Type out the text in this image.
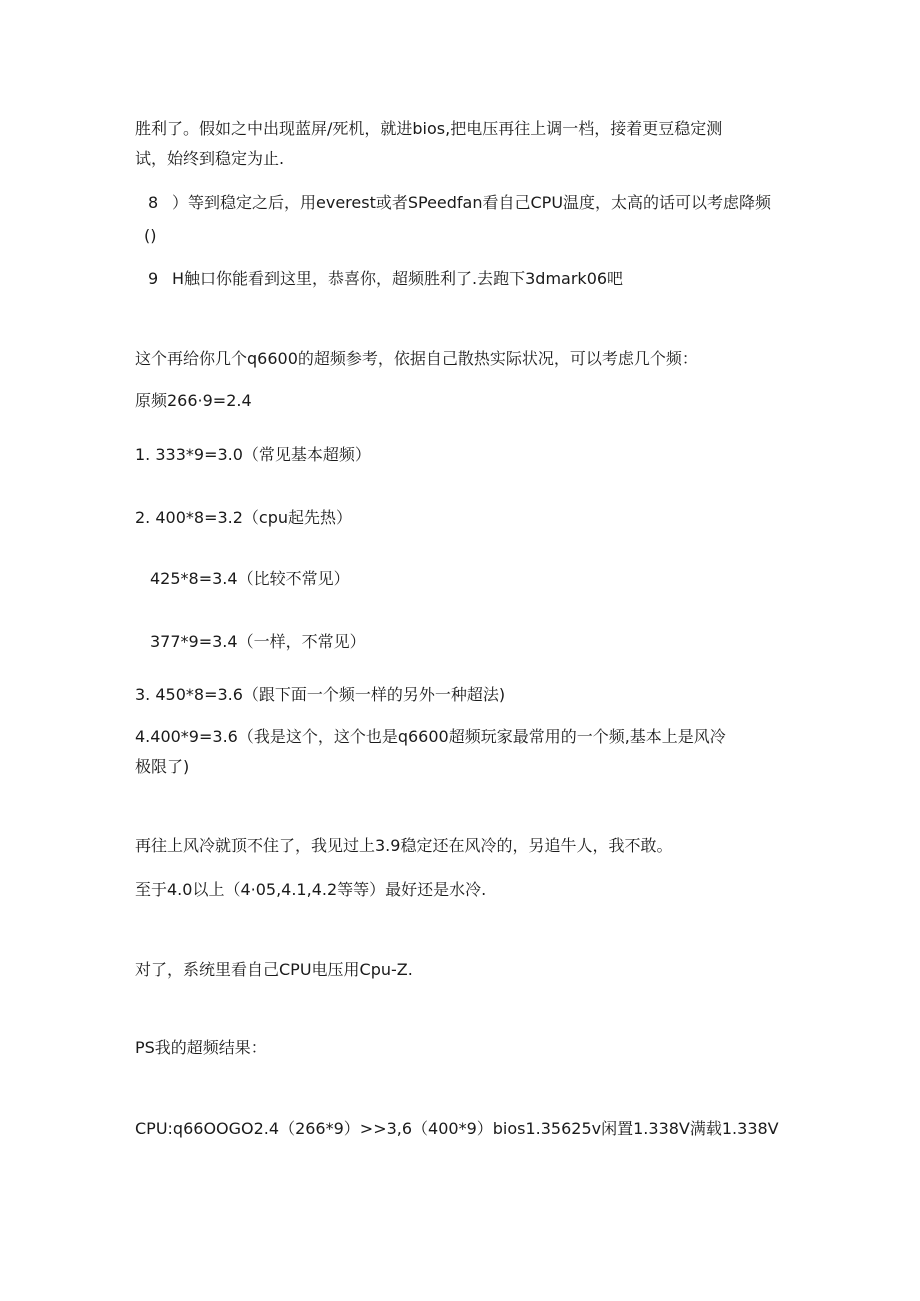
胜利了。假如之中出现蓝屏/死机，就进bios,把电压再往上调一档，接着更豆稳定测
试，始终到稳定为止.
8 ）等到稳定之后，用everest或者SPeedfan看自己CPU温度，太高的话可以考虑降频
()
9 H触口你能看到这里，恭喜你，超频胜利了.去跑下3dmark06吧
这个再给你几个q6600的超频参考，依据自己散热实际状况，可以考虑几个频：
原频266·9=2.4
1. 333*9=3.0（常见基本超频）
2. 400*8=3.2（cpu起先热）
425*8=3.4（比较不常见）
377*9=3.4（一样，不常见）
3. 450*8=3.6（跟下面一个频一样的另外一种超法)
4.400*9=3.6（我是这个，这个也是q6600超频玩家最常用的一个频,基本上是风冷
极限了)
再往上风冷就顶不住了，我见过上3.9稳定还在风冷的，另追牛人，我不敢。
至于4.0以上（4·05,4.1,4.2等等）最好还是水冷.
对了，系统里看自己CPU电压用Cpu-Z.
PS我的超频结果：
CPU:q66OOGO2.4（266*9）>>3,6（400*9）bios1.35625v闲置1.338V满载1.338V
